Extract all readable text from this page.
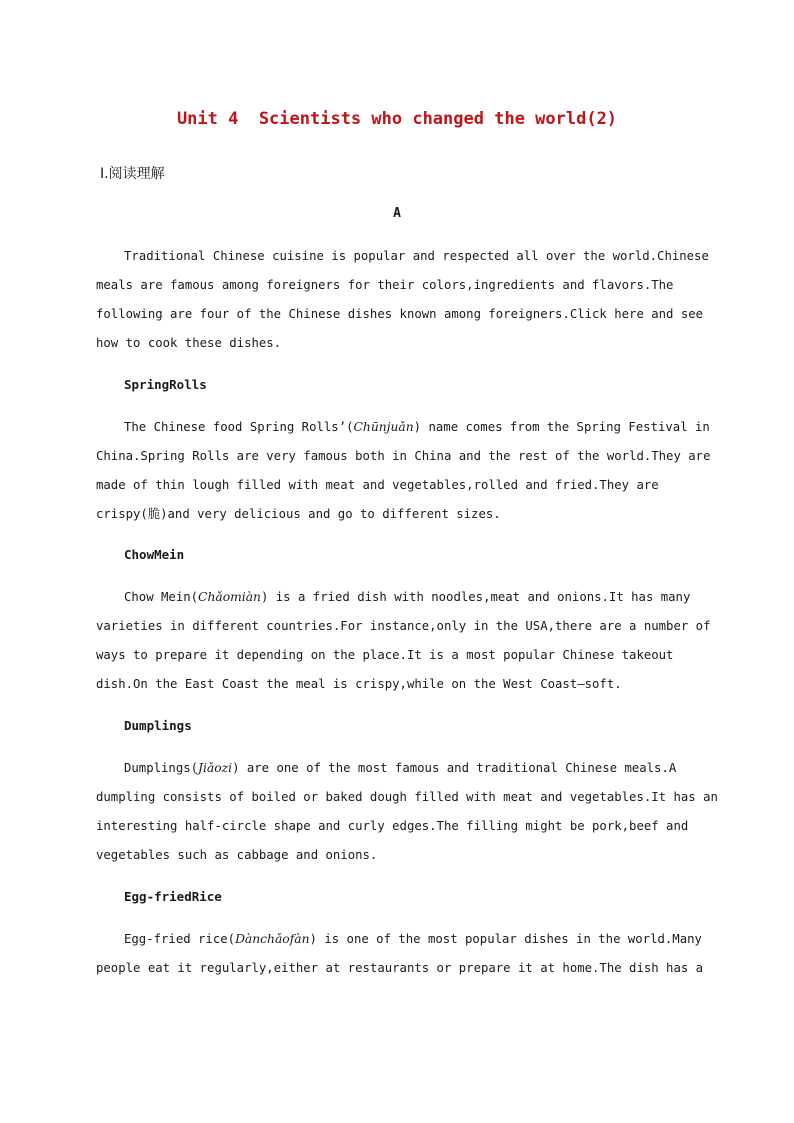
Unit 4  Scientists who changed the world(2)
Ⅰ.阅读理解
A
Traditional Chinese cuisine is popular and respected all over the world.Chinese
meals are famous among foreigners for their colors,ingredients and flavors.The
following are four of the Chinese dishes known among foreigners.Click here and see
how to cook these dishes.
SpringRolls
The Chinese food Spring Rolls’(Chūnjuǎn) name comes from the Spring Festival in
China.Spring Rolls are very famous both in China and the rest of the world.They are
made of thin lough filled with meat and vegetables,rolled and fried.They are
crispy(脆)and very delicious and go to different sizes.
ChowMein
Chow Mein(Chǎomiàn) is a fried dish with noodles,meat and onions.It has many
varieties in different countries.For instance,only in the USA,there are a number of
ways to prepare it depending on the place.It is a most popular Chinese takeout
dish.On the East Coast the meal is crispy,while on the West Coast—soft.
Dumplings
Dumplings(Jiǎozi) are one of the most famous and traditional Chinese meals.A
dumpling consists of boiled or baked dough filled with meat and vegetables.It has an
interesting half-circle shape and curly edges.The filling might be pork,beef and
vegetables such as cabbage and onions.
Egg-friedRice
Egg-fried rice(Dànchǎofàn) is one of the most popular dishes in the world.Many
people eat it regularly,either at restaurants or prepare it at home.The dish has a
